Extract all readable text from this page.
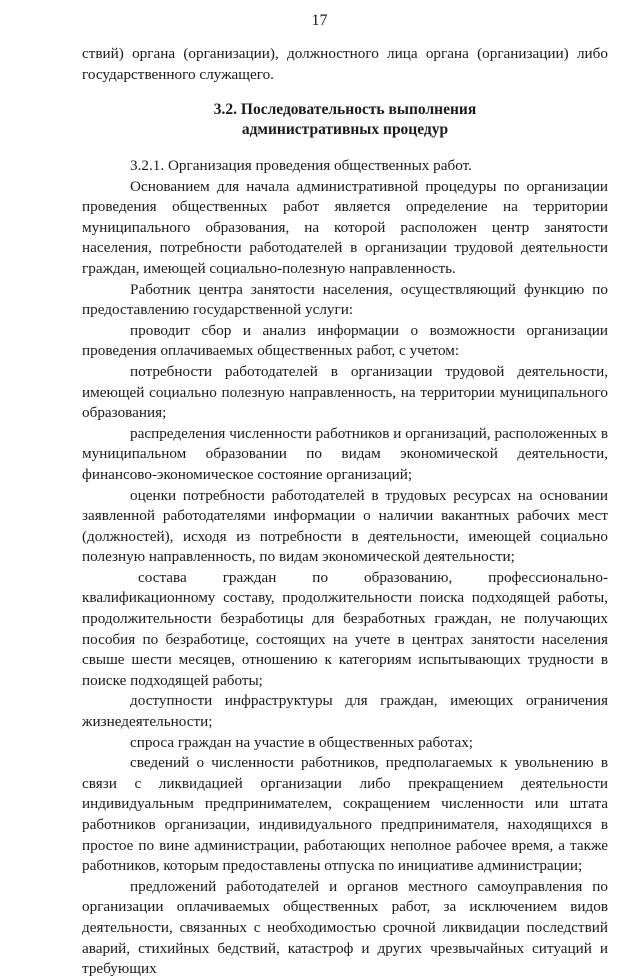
17

ствий) органа (организации), должностного лица органа (организации) либо государственного служащего.

3.2. Последовательность выполнения
административных процедур

3.2.1. Организация проведения общественных работ.

Основанием для начала административной процедуры по организации проведения общественных работ является определение на территории муниципального образования, на которой расположен центр занятости населения, потребности работодателей в организации трудовой деятельности граждан, имеющей социально-полезную направленность.

Работник центра занятости населения, осуществляющий функцию по предоставлению государственной услуги:

проводит сбор и анализ информации о возможности организации проведения оплачиваемых общественных работ, с учетом:

потребности работодателей в организации трудовой деятельности, имеющей социально полезную направленность, на территории муниципального образования;

распределения численности работников и организаций, расположенных в муниципальном образовании по видам экономической деятельности, финансово-экономическое состояние организаций;

оценки потребности работодателей в трудовых ресурсах на основании заявленной работодателями информации о наличии вакантных рабочих мест (должностей), исходя из потребности в деятельности, имеющей социально полезную направленность, по видам экономической деятельности;

состава граждан по образованию, профессионально-квалификационному составу, продолжительности поиска подходящей работы, продолжительности безработицы для безработных граждан, не получающих пособия по безработице, состоящих на учете в центрах занятости населения свыше шести месяцев, отношению к категориям испытывающих трудности в поиске подходящей работы;

доступности инфраструктуры для граждан, имеющих ограничения жизнедеятельности;

спроса граждан на участие в общественных работах;

сведений о численности работников, предполагаемых к увольнению в связи с ликвидацией организации либо прекращением деятельности индивидуальным предпринимателем, сокращением численности или штата работников организации, индивидуального предпринимателя, находящихся в простое по вине администрации, работающих неполное рабочее время, а также работников, которым предоставлены отпуска по инициативе администрации;

предложений работодателей и органов местного самоуправления по организации оплачиваемых общественных работ, за исключением видов деятельности, связанных с необходимостью срочной ликвидации последствий аварий, стихийных бедствий, катастроф и других чрезвычайных ситуаций и требующих
